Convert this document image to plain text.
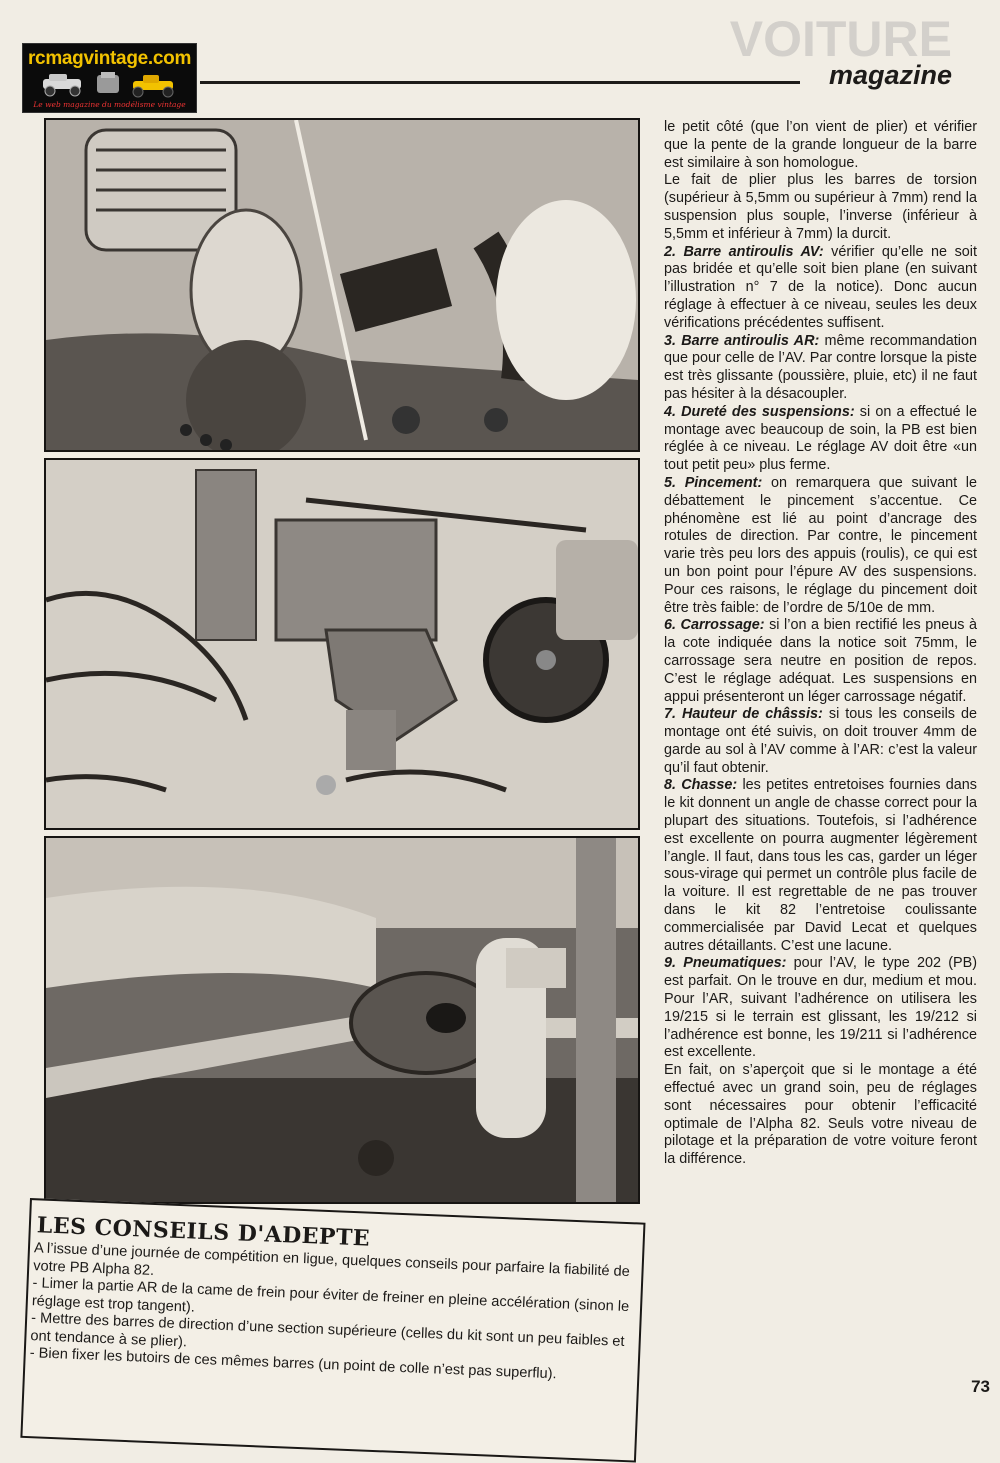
rcmagvintage.com
Le web magazine du modélisme vintage
VOITURE
magazine

le petit côté (que l’on vient de plier) et vérifier que la pente de la grande longueur de la barre est similaire à son homologue.

Le fait de plier plus les barres de torsion (supérieur à 5,5mm ou supérieur à 7mm) rend la suspension plus souple, l’inverse (inférieur à 5,5mm et inférieur à 7mm) la durcit.

2. Barre antiroulis AV: vérifier qu’elle ne soit pas bridée et qu’elle soit bien plane (en suivant l’illustration n° 7 de la notice). Donc aucun réglage à effectuer à ce niveau, seules les deux vérifications précédentes suffisent.

3. Barre antiroulis AR: même recommandation que pour celle de l’AV. Par contre lorsque la piste est très glissante (poussière, pluie, etc) il ne faut pas hésiter à la désacoupler.

4. Dureté des suspensions: si on a effectué le montage avec beaucoup de soin, la PB est bien réglée à ce niveau. Le réglage AV doit être «un tout petit peu» plus ferme.

5. Pincement: on remarquera que suivant le débattement le pincement s’accentue. Ce phénomène est lié au point d’ancrage des rotules de direction. Par contre, le pincement varie très peu lors des appuis (roulis), ce qui est un bon point pour l’épure AV des suspensions. Pour ces raisons, le réglage du pincement doit être très faible: de l’ordre de 5/10e de mm.

6. Carrossage: si l’on a bien rectifié les pneus à la cote indiquée dans la notice soit 75mm, le carrossage sera neutre en position de repos. C’est le réglage adéquat. Les suspensions en appui présenteront un léger carrossage négatif.

7. Hauteur de châssis: si tous les conseils de montage ont été suivis, on doit trouver 4mm de garde au sol à l’AV comme à l’AR: c’est la valeur qu’il faut obtenir.

8. Chasse: les petites entretoises fournies dans le kit donnent un angle de chasse correct pour la plupart des situations. Toutefois, si l’adhérence est excellente on pourra augmenter légèrement l’angle. Il faut, dans tous les cas, garder un léger sous-virage qui permet un contrôle plus facile de la voiture. Il est regrettable de ne pas trouver dans le kit 82 l’entretoise coulissante commercialisée par David Lecat et quelques autres détaillants. C’est une lacune.

9. Pneumatiques: pour l’AV, le type 202 (PB) est parfait. On le trouve en dur, medium et mou. Pour l’AR, suivant l’adhérence on utilisera les 19/215 si le terrain est glissant, les 19/212 si l’adhérence est bonne, les 19/211 si l’adhérence est excellente.

En fait, on s’aperçoit que si le montage a été effectué avec un grand soin, peu de réglages sont nécessaires pour obtenir l’efficacité optimale de l’Alpha 82. Seuls votre niveau de pilotage et la préparation de votre voiture feront la différence.

73
LES CONSEILS D'ADEPTE
A l’issue d’une journée de compétition en ligue, quelques conseils pour parfaire la fiabilité de votre PB Alpha 82.
- Limer la partie AR de la came de frein pour éviter de freiner en pleine accélération (sinon le réglage est trop tangent).
- Mettre des barres de direction d’une section supérieure (celles du kit sont un peu faibles et ont tendance à se plier).
- Bien fixer les butoirs de ces mêmes barres (un point de colle n’est pas superflu).
